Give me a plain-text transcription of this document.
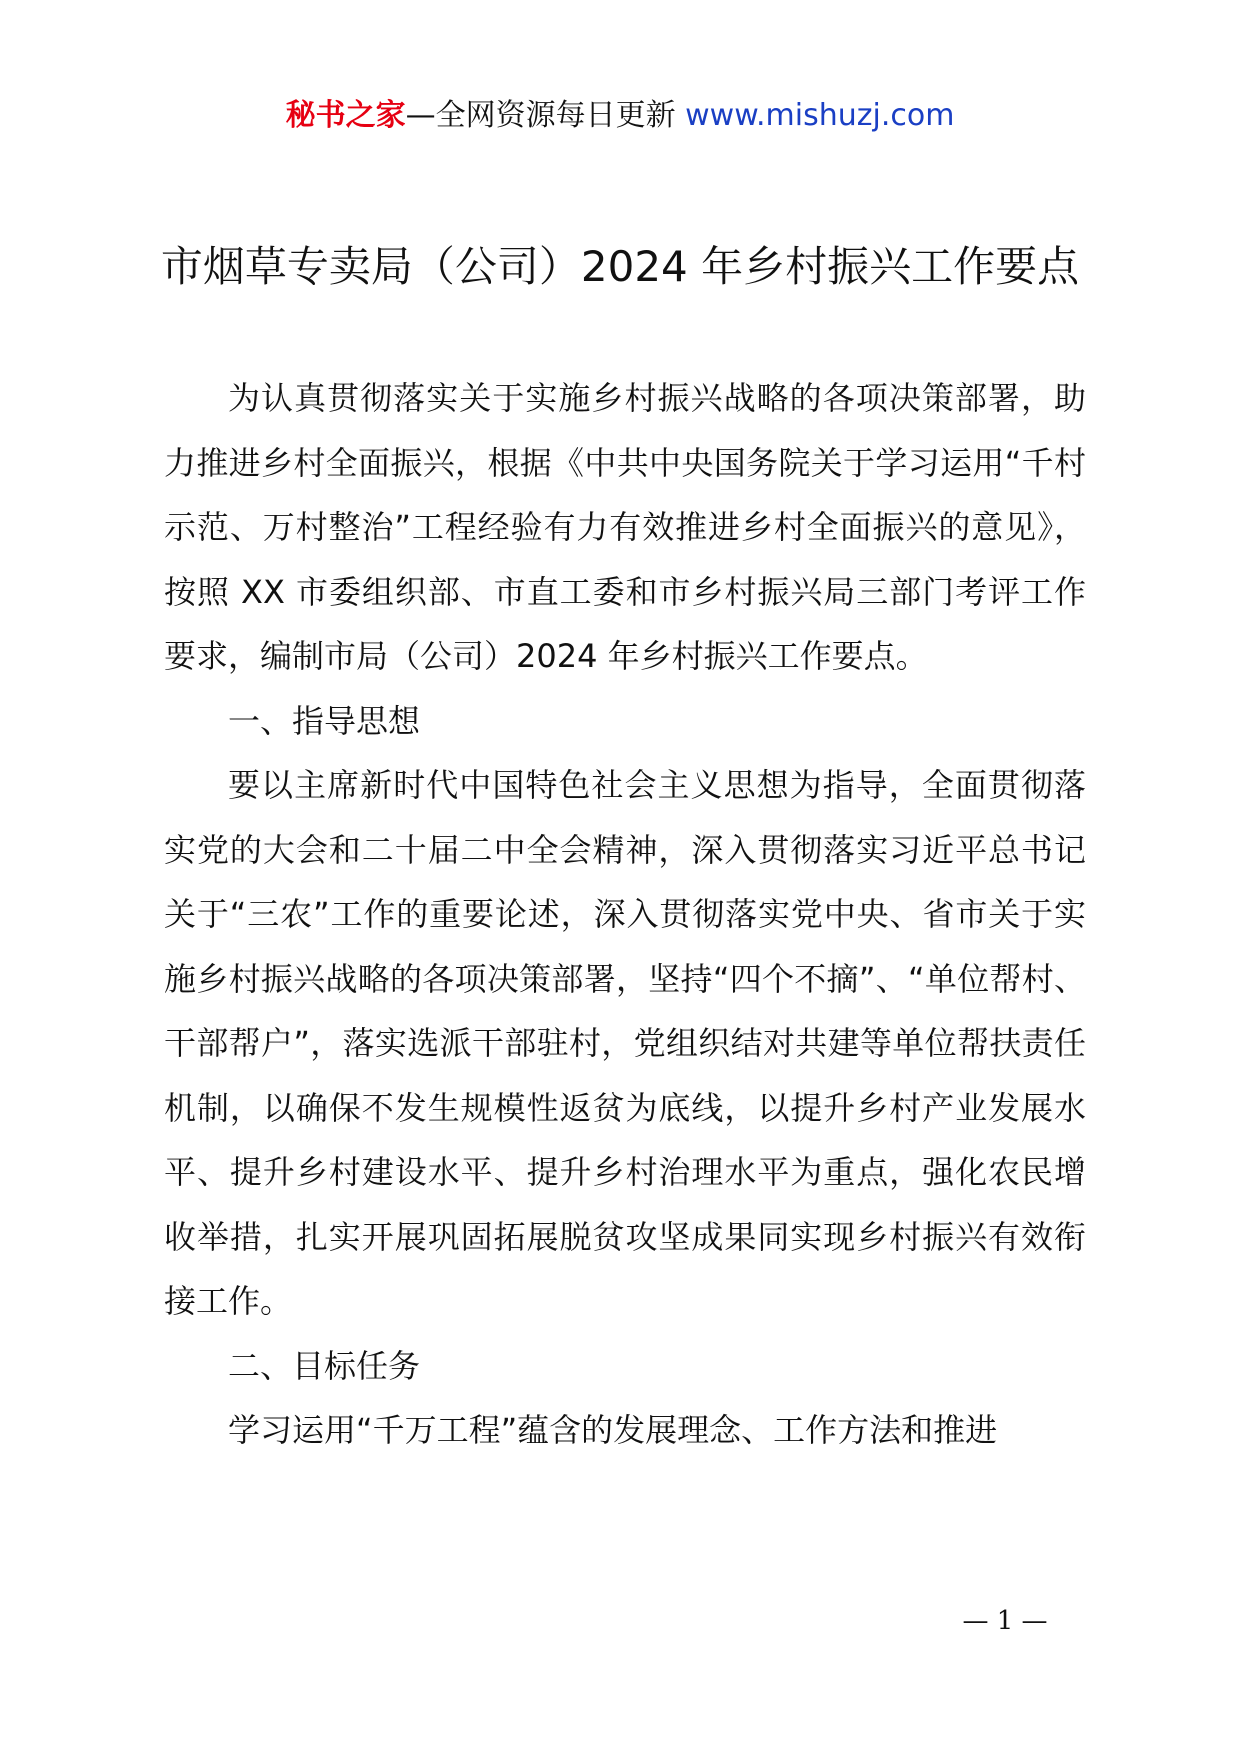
秘书之家—全网资源每日更新 www.mishuzj.com
市烟草专卖局（公司）2024 年乡村振兴工作要点

为认真贯彻落实关于实施乡村振兴战略的各项决策部署，助力推进乡村全面振兴，根据《中共中央国务院关于学习运用“千村示范、万村整治”工程经验有力有效推进乡村全面振兴的意见》，按照 XX 市委组织部、市直工委和市乡村振兴局三部门考评工作要求，编制市局（公司）2024 年乡村振兴工作要点。

一、指导思想

要以主席新时代中国特色社会主义思想为指导，全面贯彻落实党的大会和二十届二中全会精神，深入贯彻落实习近平总书记关于“三农”工作的重要论述，深入贯彻落实党中央、省市关于实施乡村振兴战略的各项决策部署，坚持“四个不摘”、“单位帮村、干部帮户”，落实选派干部驻村，党组织结对共建等单位帮扶责任机制，以确保不发生规模性返贫为底线，以提升乡村产业发展水平、提升乡村建设水平、提升乡村治理水平为重点，强化农民增收举措，扎实开展巩固拓展脱贫攻坚成果同实现乡村振兴有效衔接工作。

二、目标任务

学习运用“千万工程”蕴含的发展理念、工作方法和推进

— 1 —
